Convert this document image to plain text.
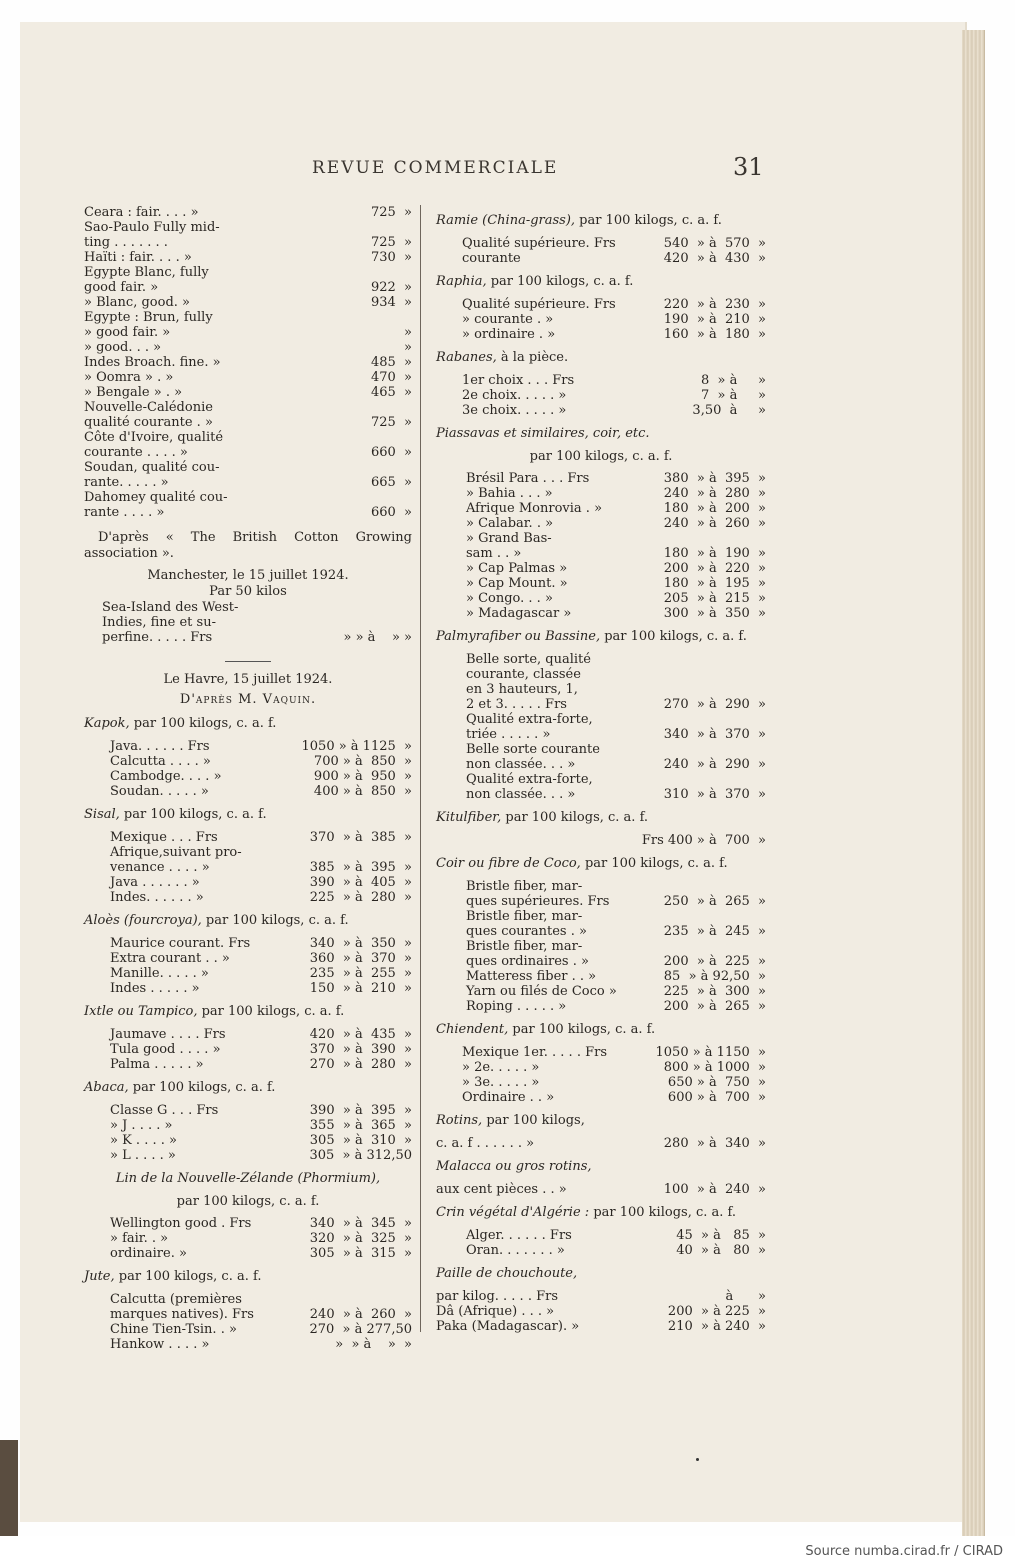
REVUE COMMERCIALE	31
Ceara : fair. . . . »	725  »
Sao-Paulo Fully mid-
ting . . . . . . .	725  »
Haïti : fair. . . . »	730  »
Egypte Blanc, fully
good fair. »	922  »
» Blanc, good. »	934  »
Egypte : Brun, fully
» good fair. »	»
» good. . . »	»
Indes Broach. fine. »	485  »
» Oomra » . »	470  »
» Bengale » . »	465  »
Nouvelle-Calédonie
qualité courante . »	725  »
Côte d'Ivoire, qualité
courante . . . . »	660  »
Soudan, qualité cou-
rante. . . . . »	665  »
Dahomey qualité cou-
rante . . . . »	660  »
D'après « The British Cotton Growing association ».
Manchester, le 15 juillet 1924.
Par 50 kilos
Sea-Island des West-
Indies, fine et su-
perfine. . . . . Frs	» » à    » »
Le Havre, 15 juillet 1924.
D'après M. Vaquin.
Kapok, par 100 kilogs, c. a. f.
Java. . . . . . Frs	1050 » à 1125  »
Calcutta . . . . »	700 » à  850  »
Cambodge. . . . »	900 » à  950  »
Soudan. . . . . »	400 » à  850  »
Sisal, par 100 kilogs, c. a. f.
Mexique . . . Frs	370  » à  385  »
Afrique,suivant pro-
venance . . . . »	385  » à  395  »
Java . . . . . . »	390  » à  405  »
Indes. . . . . . »	225  » à  280  »
Aloès (fourcroya), par 100 kilogs, c. a. f.
Maurice courant. Frs	340  » à  350  »
Extra courant . . »	360  » à  370  »
Manille. . . . . »	235  » à  255  »
Indes . . . . . »	150  » à  210  »
Ixtle ou Tampico, par 100 kilogs, c. a. f.
Jaumave . . . . Frs	420  » à  435  »
Tula good . . . . »	370  » à  390  »
Palma . . . . . »	270  » à  280  »
Abaca, par 100 kilogs, c. a. f.
Classe G . . . Frs	390  » à  395  »
» J . . . . »	355  » à  365  »
» K . . . . »	305  » à  310  »
» L . . . . »	305  » à 312,50
Lin de la Nouvelle-Zélande (Phormium),
par 100 kilogs, c. a. f.
Wellington good . Frs	340  » à  345  »
» fair. . »	320  » à  325  »
ordinaire. »	305  » à  315  »
Jute, par 100 kilogs, c. a. f.
Calcutta (premières
marques natives). Frs	240  » à  260  »
Chine Tien-Tsin. . »	270  » à 277,50
Hankow . . . . »	»  » à    »  »
Ramie (China-grass), par 100 kilogs, c. a. f.
Qualité supérieure. Frs	540  » à  570  »
courante	420  » à  430  »
Raphia, par 100 kilogs, c. a. f.
Qualité supérieure. Frs	220  » à  230  »
» courante . »	190  » à  210  »
» ordinaire . »	160  » à  180  »
Rabanes, à la pièce.
1er choix . . . Frs	8  » à     »
2e choix. . . . . »	7  » à     »
3e choix. . . . . »	3,50  à     »
Piassavas et similaires, coir, etc.
par 100 kilogs, c. a. f.
Brésil Para . . . Frs	380  » à  395  »
» Bahia . . . »	240  » à  280  »
Afrique Monrovia . »	180  » à  200  »
» Calabar. . »	240  » à  260  »
» Grand Bas-
sam . . »	180  » à  190  »
» Cap Palmas »	200  » à  220  »
» Cap Mount. »	180  » à  195  »
» Congo. . . »	205  » à  215  »
» Madagascar »	300  » à  350  »
Palmyrafiber ou Bassine, par 100 kilogs, c. a. f.
Belle sorte, qualité
courante, classée
en 3 hauteurs, 1,
2 et 3. . . . . Frs	270  » à  290  »
Qualité extra-forte,
triée . . . . . »	340  » à  370  »
Belle sorte courante
non classée. . . »	240  » à  290  »
Qualité extra-forte,
non classée. . . »	310  » à  370  »
Kitulfiber, par 100 kilogs, c. a. f.
Frs 400 » à  700  »
Coir ou fibre de Coco, par 100 kilogs, c. a. f.
Bristle fiber, mar-
ques supérieures. Frs	250  » à  265  »
Bristle fiber, mar-
ques courantes . »	235  » à  245  »
Bristle fiber, mar-
ques ordinaires . »	200  » à  225  »
Matteress fiber . . »	85  » à 92,50  »
Yarn ou filés de Coco »	225  » à  300  »
Roping . . . . . »	200  » à  265  »
Chiendent, par 100 kilogs, c. a. f.
Mexique 1er. . . . . Frs	1050 » à 1150  »
» 2e. . . . . »	800 » à 1000  »
» 3e. . . . . »	650 » à  750  »
Ordinaire . . »	600 » à  700  »
Rotins, par 100 kilogs,
c. a. f . . . . . . »	280  » à  340  »
Malacca ou gros rotins,
aux cent pièces . . »	100  » à  240  »
Crin végétal d'Algérie : par 100 kilogs, c. a. f.
Alger. . . . . . Frs	45  » à   85  »
Oran. . . . . . . »	40  » à   80  »
Paille de chouchoute,
par kilog. . . . . Frs	à      »
Dâ (Afrique) . . . »	200  » à 225  »
Paka (Madagascar). »	210  » à 240  »
Source numba.cirad.fr / CIRAD
